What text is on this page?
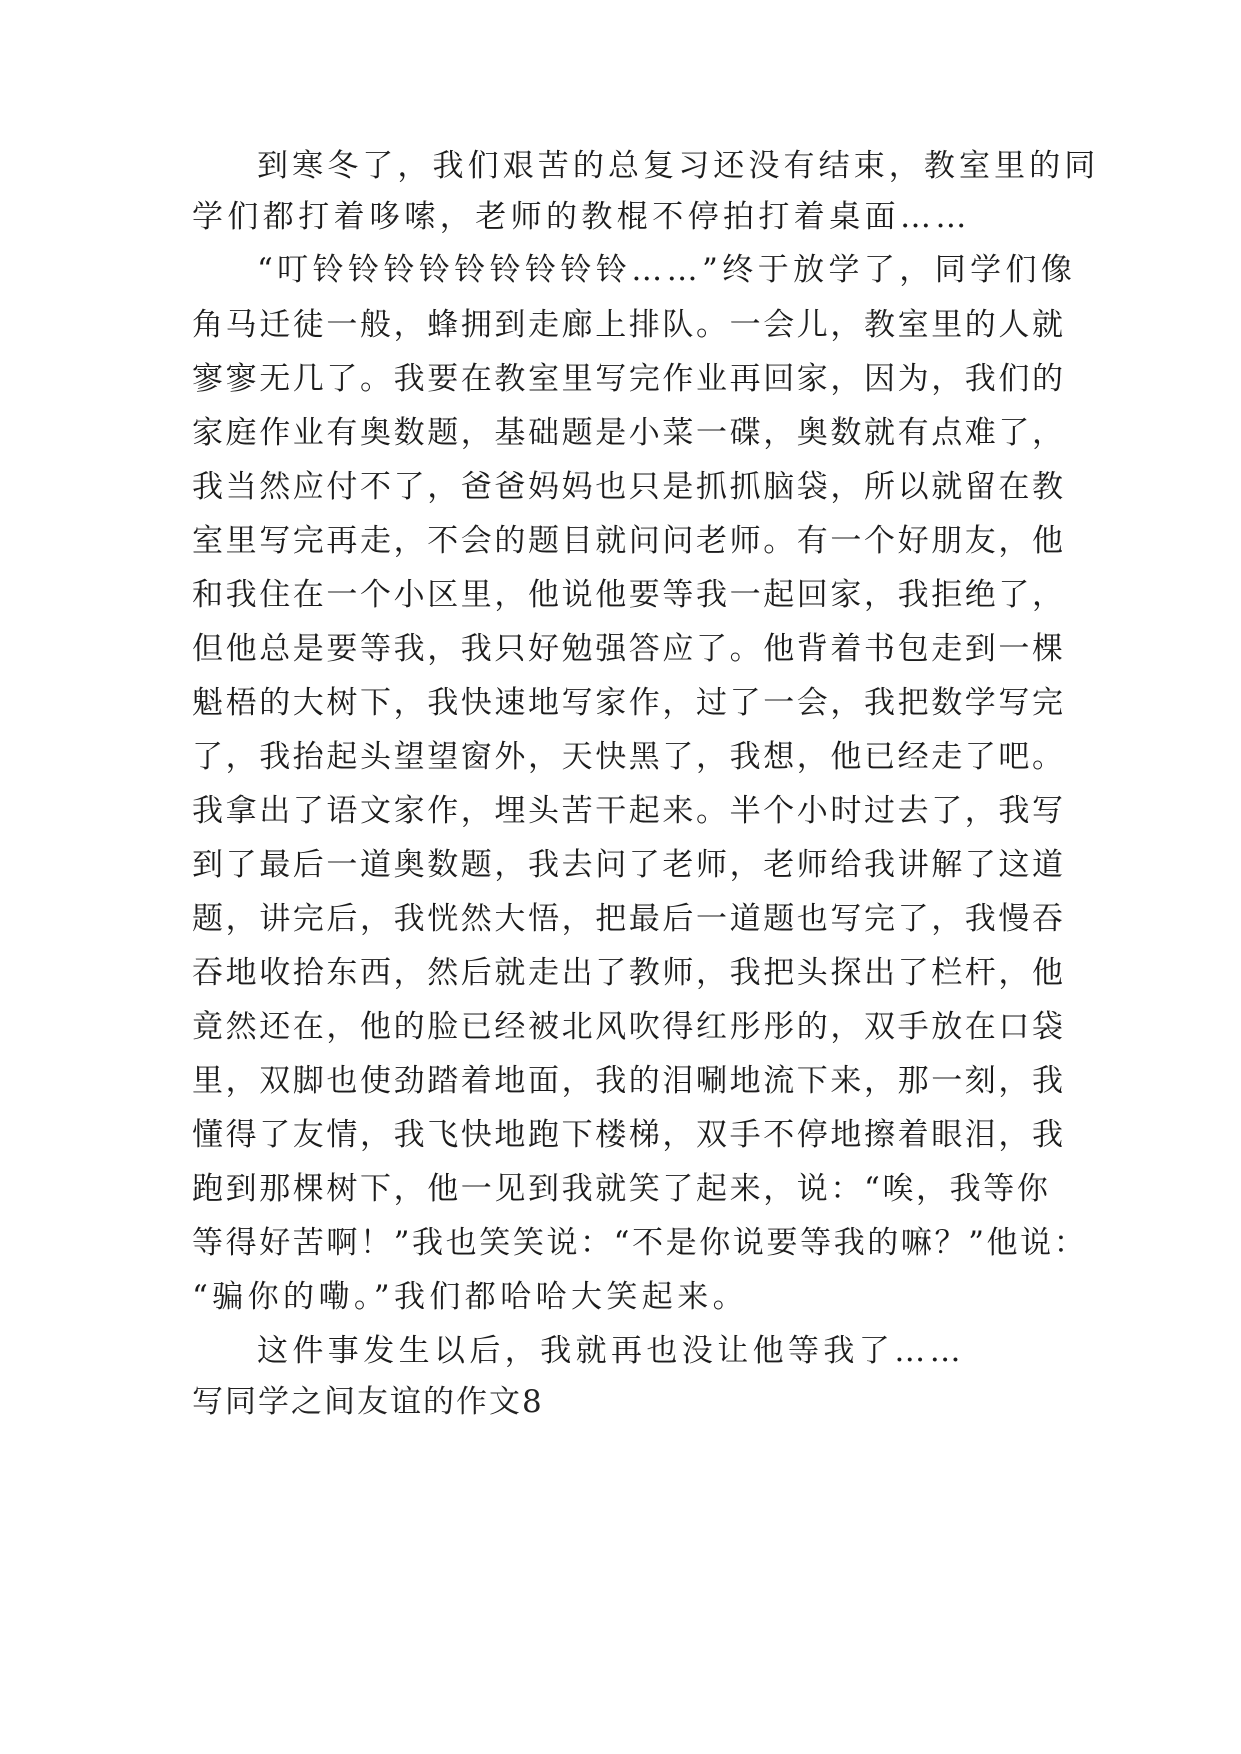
到寒冬了，我们艰苦的总复习还没有结束，教室里的同
学们都打着哆嗦，老师的教棍不停拍打着桌面……
“叮铃铃铃铃铃铃铃铃铃……”终于放学了，同学们像
角马迁徒一般，蜂拥到走廊上排队。一会儿，教室里的人就
寥寥无几了。我要在教室里写完作业再回家，因为，我们的
家庭作业有奥数题，基础题是小菜一碟，奥数就有点难了，
我当然应付不了，爸爸妈妈也只是抓抓脑袋，所以就留在教
室里写完再走，不会的题目就问问老师。有一个好朋友，他
和我住在一个小区里，他说他要等我一起回家，我拒绝了，
但他总是要等我，我只好勉强答应了。他背着书包走到一棵
魁梧的大树下，我快速地写家作，过了一会，我把数学写完
了，我抬起头望望窗外，天快黑了，我想，他已经走了吧。
我拿出了语文家作，埋头苦干起来。半个小时过去了，我写
到了最后一道奥数题，我去问了老师，老师给我讲解了这道
题，讲完后，我恍然大悟，把最后一道题也写完了，我慢吞
吞地收拾东西，然后就走出了教师，我把头探出了栏杆，他
竟然还在，他的脸已经被北风吹得红彤彤的，双手放在口袋
里，双脚也使劲踏着地面，我的泪唰地流下来，那一刻，我
懂得了友情，我飞快地跑下楼梯，双手不停地擦着眼泪，我
跑到那棵树下，他一见到我就笑了起来，说：“唉，我等你
等得好苦啊！”我也笑笑说：“不是你说要等我的嘛？”他说：
“骗你的嘞。”我们都哈哈大笑起来。
这件事发生以后，我就再也没让他等我了……
写同学之间友谊的作文8
